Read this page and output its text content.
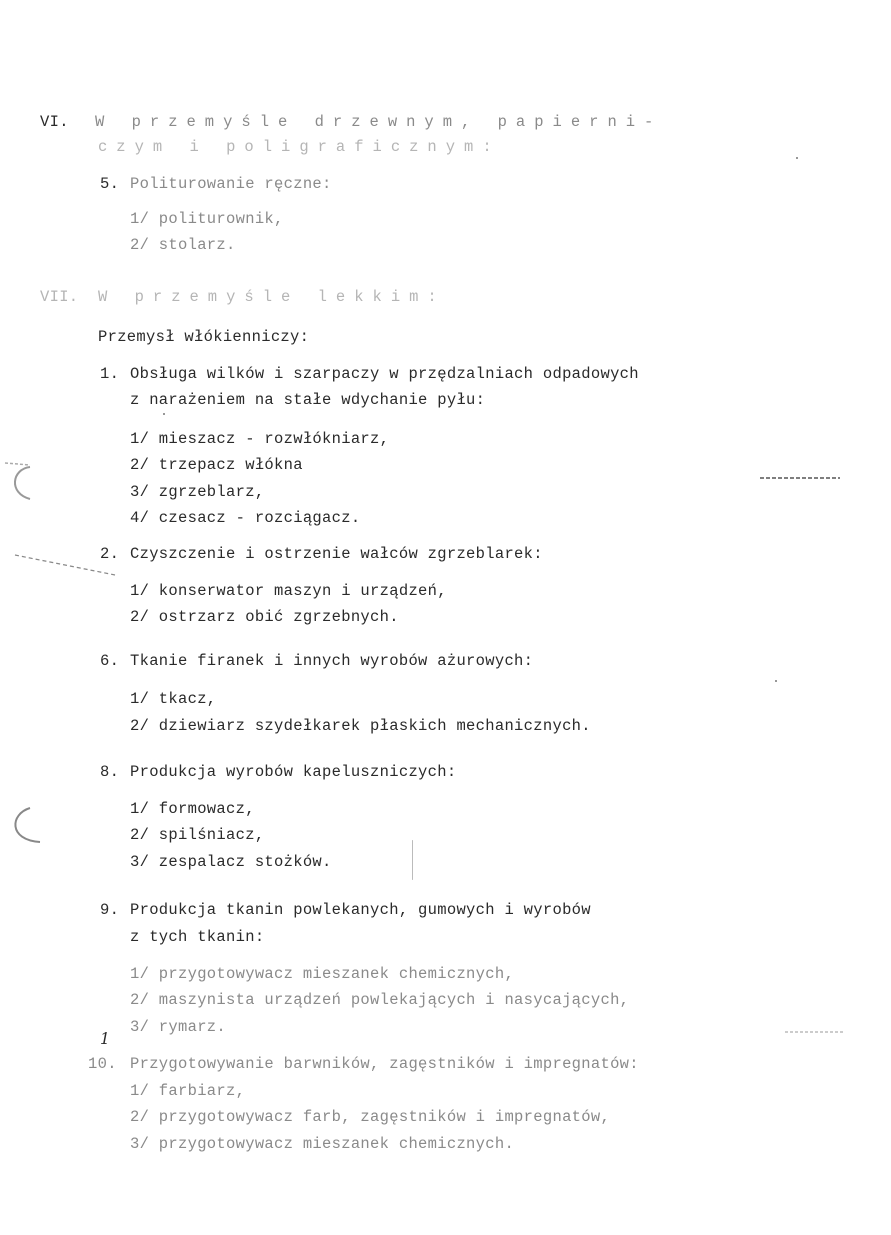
VI. W przemyśle drzewnym, papierni-
czym i poligraficznym:
5. Politurowanie ręczne:
1/ politurownik,
2/ stolarz.
VII. W przemyśle lekkim:
Przemysł włókienniczy:
1. Obsługa wilków i szarpaczy w przędzalniach odpadowych
z narażeniem na stałe wdychanie pyłu:
1/ mieszacz - rozwłókniarz,
2/ trzepacz włókna
3/ zgrzeblarz,
4/ czesacz - rozciągacz.
2. Czyszczenie i ostrzenie wałców zgrzeblarek:
1/ konserwator maszyn i urządzeń,
2/ ostrzarz obić zgrzebnych.
6. Tkanie firanek i innych wyrobów ażurowych:
1/ tkacz,
2/ dziewiarz szydełkarek płaskich mechanicznych.
8. Produkcja wyrobów kapeluszniczych:
1/ formowacz,
2/ spilśniacz,
3/ zespalacz stożków.
9. Produkcja tkanin powlekanych, gumowych i wyrobów
z tych tkanin:
1/ przygotowywacz mieszanek chemicznych,
2/ maszynista urządzeń powlekających i nasycających,
3/ rymarz.
10.
1
Przygotowywanie barwników, zagęstników i impregnatów:
1/ farbiarz,
2/ przygotowywacz farb, zagęstników i impregnatów,
3/ przygotowywacz mieszanek chemicznych.
